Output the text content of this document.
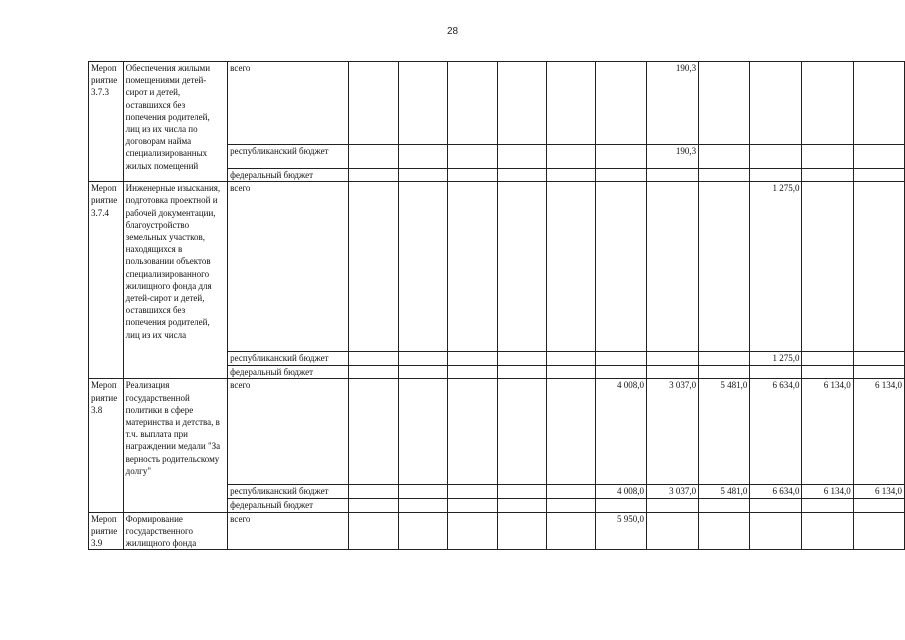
28
Мероп риятие 3.7.3	Обеспечения жилыми помещениями детей-сирот и детей, оставшихся без попечения родителей, лиц из их числа по договорам найма специализированных жилых помещений	всего							190,3				
		республиканский бюджет							190,3				
		федеральный бюджет											
Мероп риятие 3.7.4	Инженерные изыскания, подготовка проектной и рабочей документации, благоустройство земельных участков, находящихся в пользовании объектов специализированного жилищного фонда для детей-сирот и детей, оставшихся без попечения родителей, лиц из их числа	всего									1 275,0		
		республиканский бюджет									1 275,0		
		федеральный бюджет											
Мероп риятие 3.8	Реализация государственной политики в сфере материнства и детства, в т.ч. выплата при награждении медали "За верность родительскому долгу"	всего						4 008,0	3 037,0	5 481,0	6 634,0	6 134,0	6 134,0
		республиканский бюджет						4 008,0	3 037,0	5 481,0	6 634,0	6 134,0	6 134,0
		федеральный бюджет											
Мероп риятие 3.9	Формирование государственного жилищного фонда	всего						5 950,0					
